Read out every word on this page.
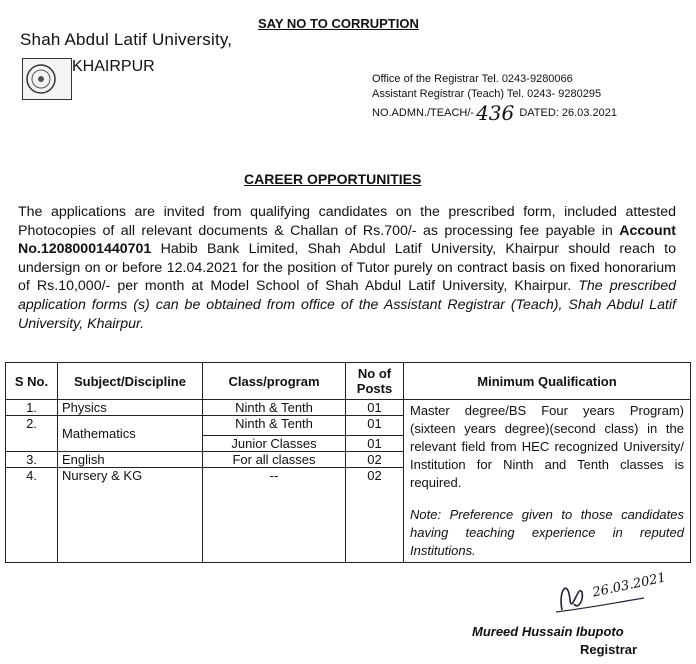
SAY NO TO CORRUPTION
Shah Abdul Latif University,
KHAIRPUR
Office of the Registrar Tel. 0243-9280066
Assistant Registrar (Teach) Tel. 0243- 9280295
NO.ADMN./TEACH/- 436 DATED: 26.03.2021
CAREER OPPORTUNITIES
The applications are invited from qualifying candidates on the prescribed form, included attested Photocopies of all relevant documents & Challan of Rs.700/- as processing fee payable in Account No.12080001440701 Habib Bank Limited, Shah Abdul Latif University, Khairpur should reach to undersign on or before 12.04.2021 for the position of Tutor purely on contract basis on fixed honorarium of Rs.10,000/- per month at Model School of Shah Abdul Latif University, Khairpur. The prescribed application forms (s) can be obtained from office of the Assistant Registrar (Teach), Shah Abdul Latif University, Khairpur.
S No.	Subject/Discipline	Class/program	No of Posts	Minimum Qualification
1.	Physics	Ninth & Tenth	01	Master degree/BS Four years Program) (sixteen years degree)(second class) in the relevant field from HEC recognized University/ Institution for Ninth and Tenth classes is required.
Note: Preference given to those candidates having teaching experience in reputed Institutions.

2.	Mathematics	Ninth & Tenth	01	
		Junior Classes	01	
3.	English	For all classes	02	
4.	Nursery & KG	--	02	
26.03.2021
Mureed Hussain Ibupoto
Registrar
